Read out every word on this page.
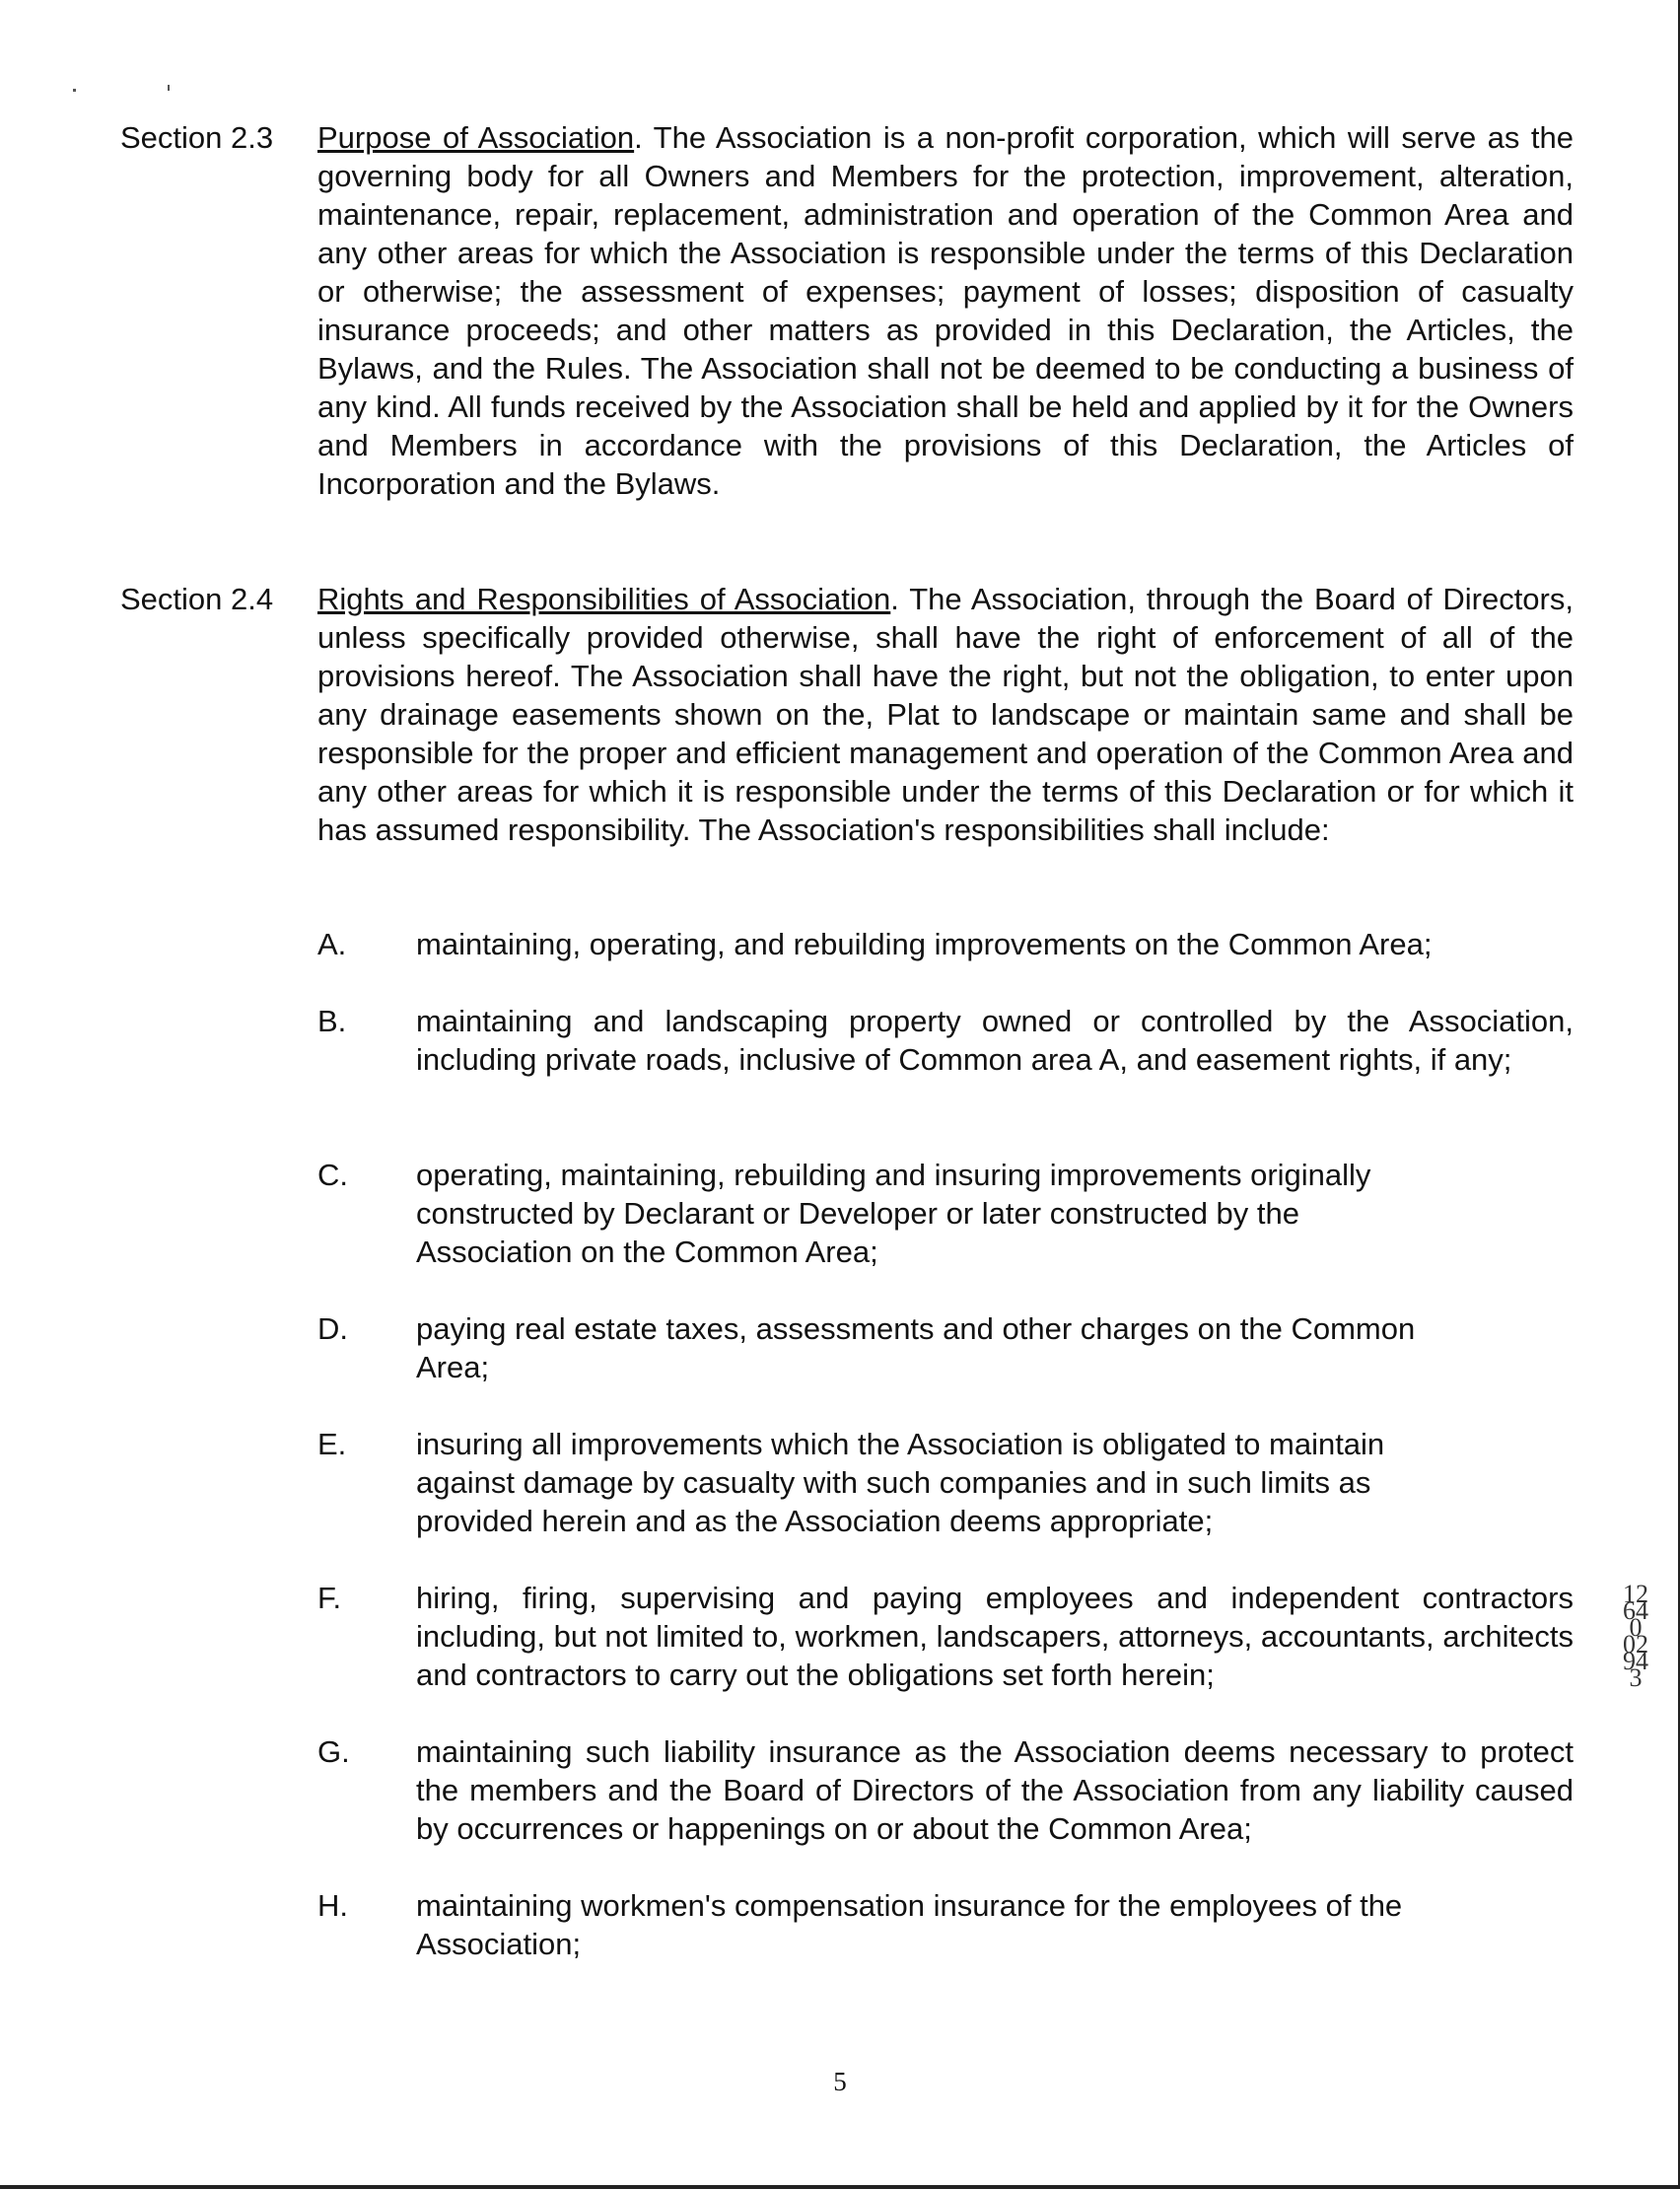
Section 2.3 Purpose of Association. The Association is a non-profit corporation, which will serve as the governing body for all Owners and Members for the protection, improvement, alteration, maintenance, repair, replacement, administration and operation of the Common Area and any other areas for which the Association is responsible under the terms of this Declaration or otherwise; the assessment of expenses; payment of losses; disposition of casualty insurance proceeds; and other matters as provided in this Declaration, the Articles, the Bylaws, and the Rules. The Association shall not be deemed to be conducting a business of any kind. All funds received by the Association shall be held and applied by it for the Owners and Members in accordance with the provisions of this Declaration, the Articles of Incorporation and the Bylaws.
Section 2.4 Rights and Responsibilities of Association. The Association, through the Board of Directors, unless specifically provided otherwise, shall have the right of enforcement of all of the provisions hereof. The Association shall have the right, but not the obligation, to enter upon any drainage easements shown on the, Plat to landscape or maintain same and shall be responsible for the proper and efficient management and operation of the Common Area and any other areas for which it is responsible under the terms of this Declaration or for which it has assumed responsibility. The Association's responsibilities shall include:
A. maintaining, operating, and rebuilding improvements on the Common Area;
B. maintaining and landscaping property owned or controlled by the Association, including private roads, inclusive of Common area A, and easement rights, if any;
C. operating, maintaining, rebuilding and insuring improvements originally constructed by Declarant or Developer or later constructed by the Association on the Common Area;
D. paying real estate taxes, assessments and other charges on the Common Area;
E. insuring all improvements which the Association is obligated to maintain against damage by casualty with such companies and in such limits as provided herein and as the Association deems appropriate;
F. hiring, firing, supervising and paying employees and independent contractors including, but not limited to, workmen, landscapers, attorneys, accountants, architects and contractors to carry out the obligations set forth herein;
G. maintaining such liability insurance as the Association deems necessary to protect the members and the Board of Directors of the Association from any liability caused by occurrences or happenings on or about the Common Area;
H. maintaining workmen's compensation insurance for the employees of the Association;
5
12640 02943
